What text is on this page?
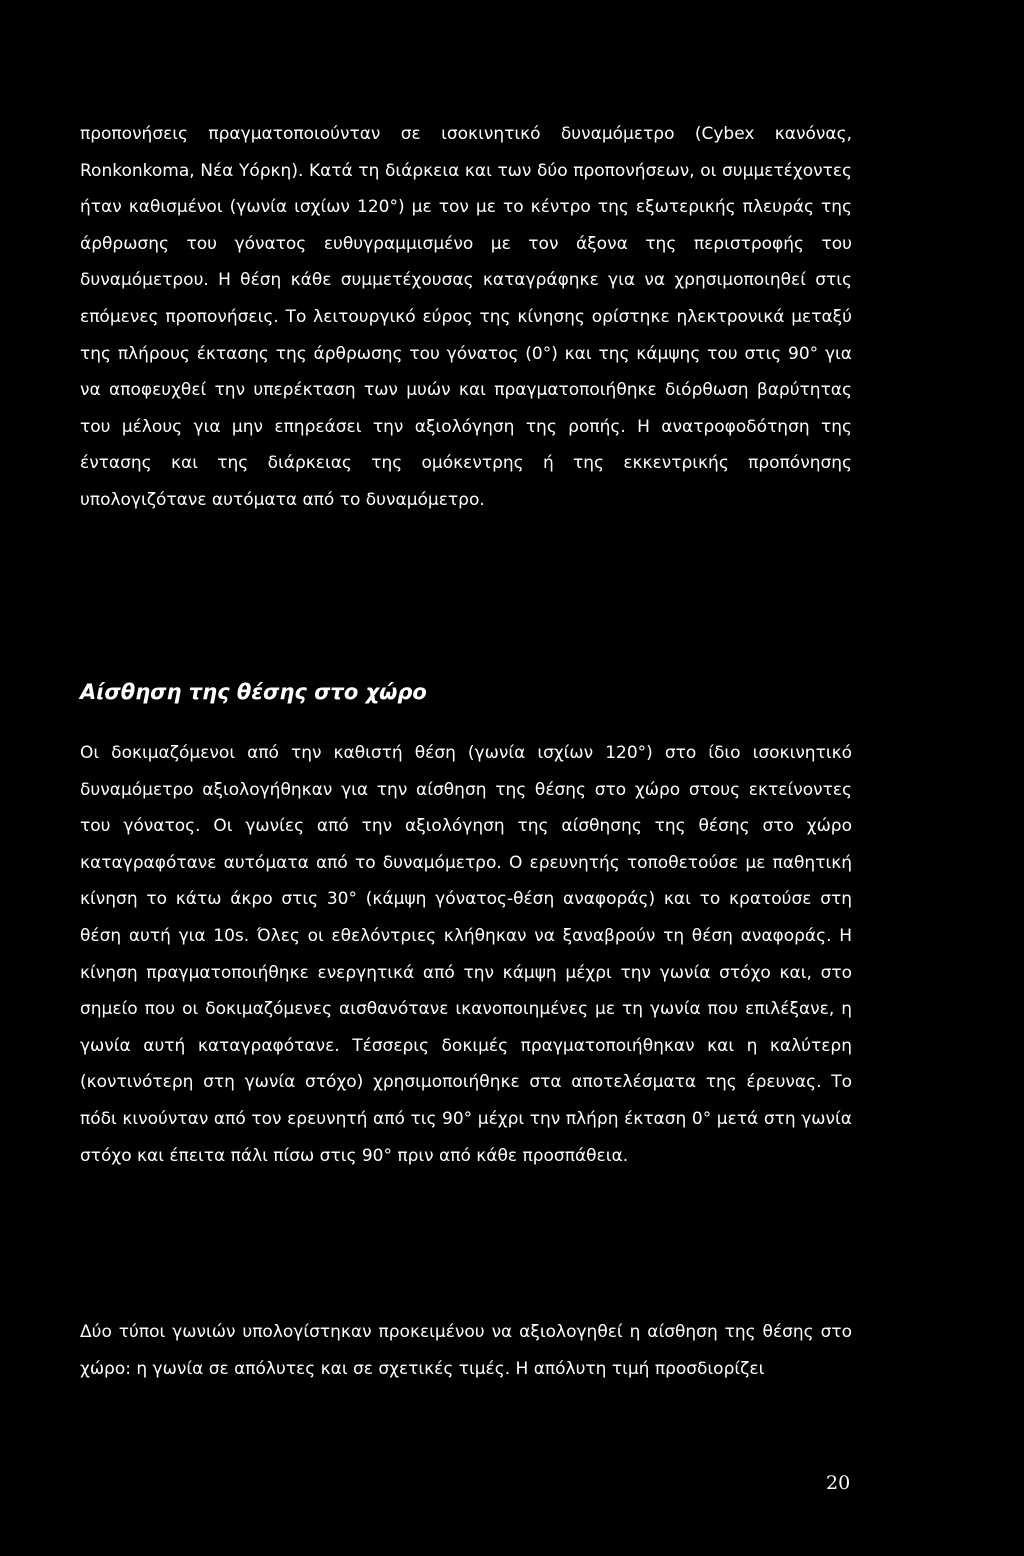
προπονήσεις πραγματοποιούνταν σε ισοκινητικό δυναμόμετρο (Cybex κανόνας, Ronkonkoma, Νέα Υόρκη). Κατά τη διάρκεια και των δύο προπονήσεων, οι συμμετέχοντες ήταν καθισμένοι (γωνία ισχίων 120°) με τον με το κέντρο της εξωτερικής πλευράς της άρθρωσης του γόνατος ευθυγραμμισμένο με τον άξονα της περιστροφής του δυναμόμετρου. Η θέση κάθε συμμετέχουσας καταγράφηκε για να χρησιμοποιηθεί στις επόμενες προπονήσεις. Το λειτουργικό εύρος της κίνησης ορίστηκε ηλεκτρονικά μεταξύ της πλήρους έκτασης της άρθρωσης του γόνατος (0°) και της κάμψης του στις 90° για να αποφευχθεί την υπερέκταση των μυών και πραγματοποιήθηκε διόρθωση βαρύτητας του μέλους για μην επηρεάσει την αξιολόγηση της ροπής. Η ανατροφοδότηση της έντασης και της διάρκειας της ομόκεντρης ή της εκκεντρικής προπόνησης υπολογιζότανε αυτόματα από το δυναμόμετρο.

Αίσθηση της θέσης στο χώρο

Οι δοκιμαζόμενοι από την καθιστή θέση (γωνία ισχίων 120°) στο ίδιο ισοκινητικό δυναμόμετρο αξιολογήθηκαν για την αίσθηση της θέσης στο χώρο στους εκτείνοντες του γόνατος. Οι γωνίες από την αξιολόγηση της αίσθησης της θέσης στο χώρο καταγραφότανε αυτόματα από το δυναμόμετρο. Ο ερευνητής τοποθετούσε με παθητική κίνηση το κάτω άκρο στις 30° (κάμψη γόνατος-θέση αναφοράς) και το κρατούσε στη θέση αυτή για 10s. Όλες οι εθελόντριες κλήθηκαν να ξαναβρούν τη θέση αναφοράς. Η κίνηση πραγματοποιήθηκε ενεργητικά από την κάμψη μέχρι την γωνία στόχο και, στο σημείο που οι δοκιμαζόμενες αισθανότανε ικανοποιημένες με τη γωνία που επιλέξανε, η γωνία αυτή καταγραφότανε. Τέσσερις δοκιμές πραγματοποιήθηκαν και η καλύτερη (κοντινότερη στη γωνία στόχο) χρησιμοποιήθηκε στα αποτελέσματα της έρευνας. Το πόδι κινούνταν από τον ερευνητή από τις 90° μέχρι την πλήρη έκταση 0° μετά στη γωνία στόχο και έπειτα πάλι πίσω στις 90° πριν από κάθε προσπάθεια.

Δύο τύποι γωνιών υπολογίστηκαν προκειμένου να αξιολογηθεί η αίσθηση της θέσης στο χώρο: η γωνία σε απόλυτες και σε σχετικές τιμές. Η απόλυτη τιμή προσδιορίζει

20
